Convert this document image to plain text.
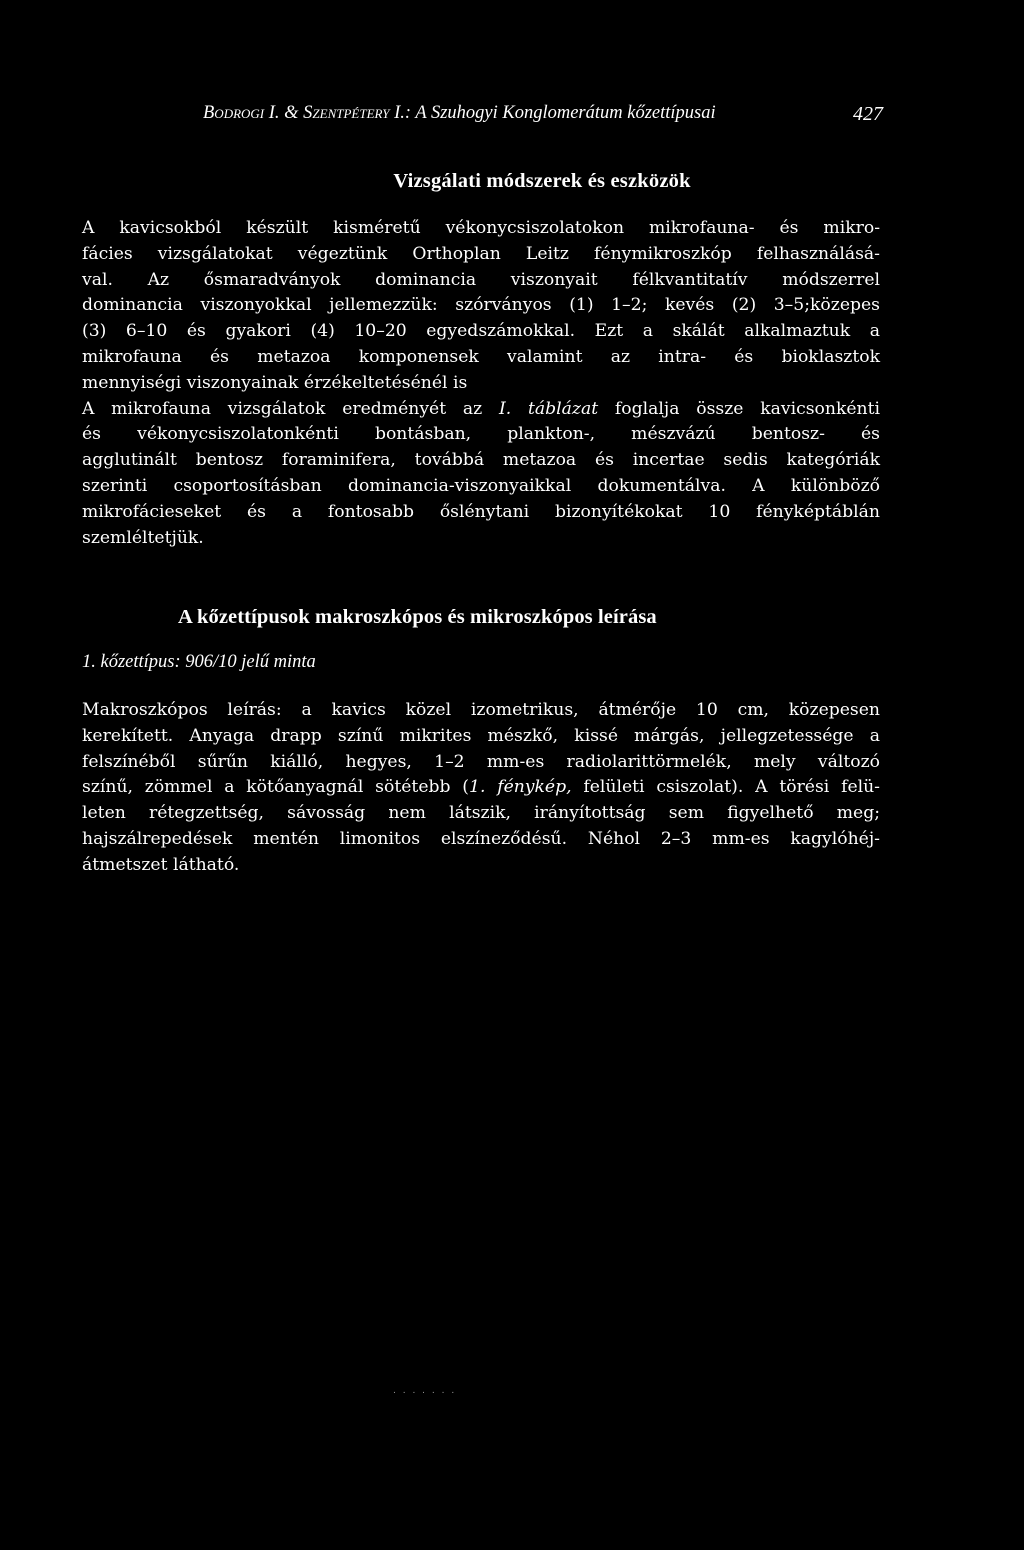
Bodrogi I. & Szentpétery I.: A Szuhogyi Konglomerátum kőzettípusai	427
Vizsgálati módszerek és eszközök
A kavicsokból készült kisméretű vékonycsiszolatokon mikrofauna- és mikro-
fácies vizsgálatokat végeztünk Orthoplan Leitz fénymikroszkóp felhasználásá-
val. Az ősmaradványok dominancia viszonyait félkvantitatív módszerrel
dominancia viszonyokkal jellemezzük: szórványos (1) 1–2; kevés (2) 3–5;közepes
(3) 6–10 és gyakori (4) 10–20 egyedszámokkal. Ezt a skálát alkalmaztuk a
mikrofauna és metazoa komponensek valamint az intra- és bioklasztok
mennyiségi viszonyainak érzékeltetésénél is
A mikrofauna vizsgálatok eredményét az I. táblázat foglalja össze kavicsonkénti
és vékonycsiszolatonkénti bontásban, plankton-, mészvázú bentosz- és
agglutinált bentosz foraminifera, továbbá metazoa és incertae sedis kategóriák
szerinti csoportosításban dominancia-viszonyaikkal dokumentálva. A különböző
mikrofácieseket és a fontosabb őslénytani bizonyítékokat 10 fényképtáblán
szemléltetjük.
A kőzettípusok makroszkópos és mikroszkópos leírása
1. kőzettípus: 906/10 jelű minta
Makroszkópos leírás: a kavics közel izometrikus, átmérője 10 cm, közepesen
kerekített. Anyaga drapp színű mikrites mészkő, kissé márgás, jellegzetessége a
felszínéből sűrűn kiálló, hegyes, 1–2 mm-es radiolarittörmelék, mely változó
színű, zömmel a kötőanyagnál sötétebb (1. fénykép, felületi csiszolat). A törési felü-
leten rétegzettség, sávosság nem látszik, irányítottság sem figyelhető meg;
hajszálrepedések mentén limonitos elszíneződésű. Néhol 2–3 mm-es kagylóhéj-
átmetszet látható.
. . . . . . .
